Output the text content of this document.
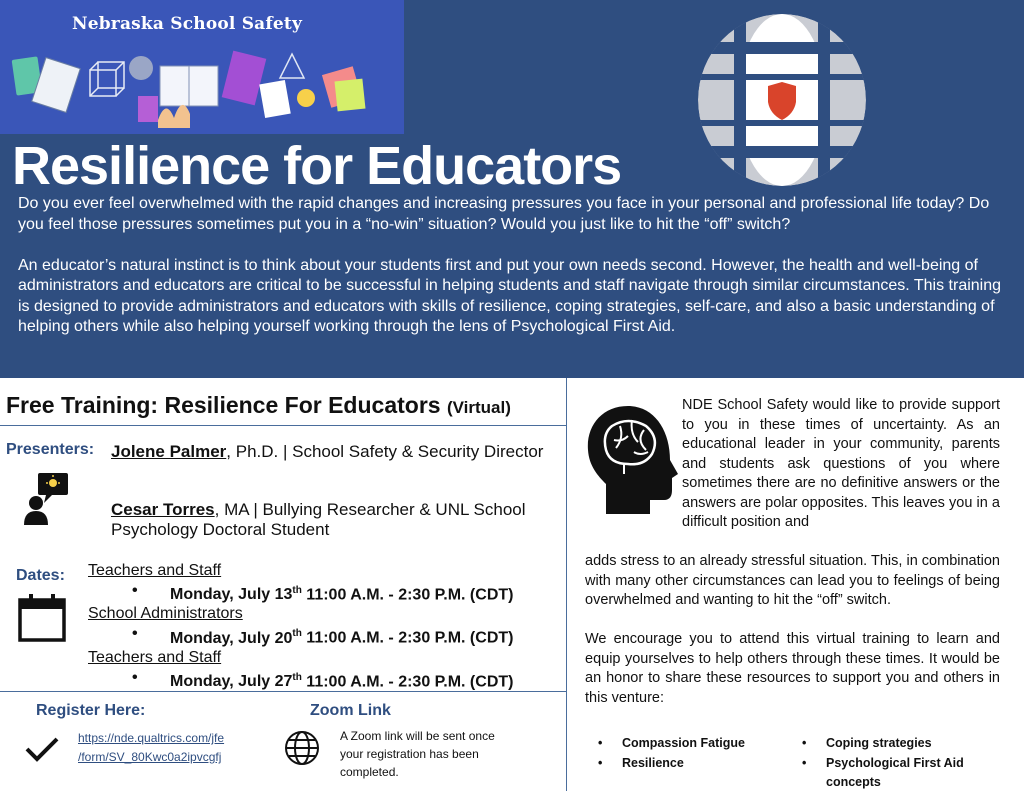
Nebraska School Safety
Resilience for Educators

Do you ever feel overwhelmed with the rapid changes and increasing pressures you face in your personal and professional life today? Do you feel those pressures sometimes put you in a “no-win” situation? Would you just like to hit the “off” switch?

An educator’s natural instinct is to think about your students first and put your own needs second. However, the health and well-being of administrators and educators are critical to be successful in helping students and staff navigate through similar circumstances. This training is designed to provide administrators and educators with skills of resilience, coping strategies, self-care, and also a basic understanding of helping others while also helping yourself working through the lens of Psychological First Aid.

Free Training: Resilience For Educators (Virtual)
Presenters: Jolene Palmer, Ph.D. | School Safety & Security Director
Cesar Torres, MA | Bullying Researcher & UNL School Psychology Doctoral Student
Dates: Teachers and Staff
• Monday, July 13th 11:00 A.M. - 2:30 P.M. (CDT)
School Administrators
• Monday, July 20th 11:00 A.M. - 2:30 P.M. (CDT)
Teachers and Staff
• Monday, July 27th 11:00 A.M. - 2:30 P.M. (CDT)
Register Here:
https://nde.qualtrics.com/jfe
/form/SV_80Kwc0a2ipvcgfj
Zoom Link
A Zoom link will be sent once your registration has been completed.
NDE School Safety would like to provide support to you in these times of uncertainty. As an educational leader in your community, parents and students ask questions of you where sometimes there are no definitive answers or the answers are polar opposites. This leaves you in a difficult position and

adds stress to an already stressful situation. This, in combination with many other circumstances can lead you to feelings of being overwhelmed and wanting to hit the “off” switch.

We encourage you to attend this virtual training to learn and equip yourselves to help others through these times. It would be an honor to share these resources to support you and others in this venture:

• Compassion Fatigue
• Resilience
• Coping strategies
• Psychological First Aid concepts
